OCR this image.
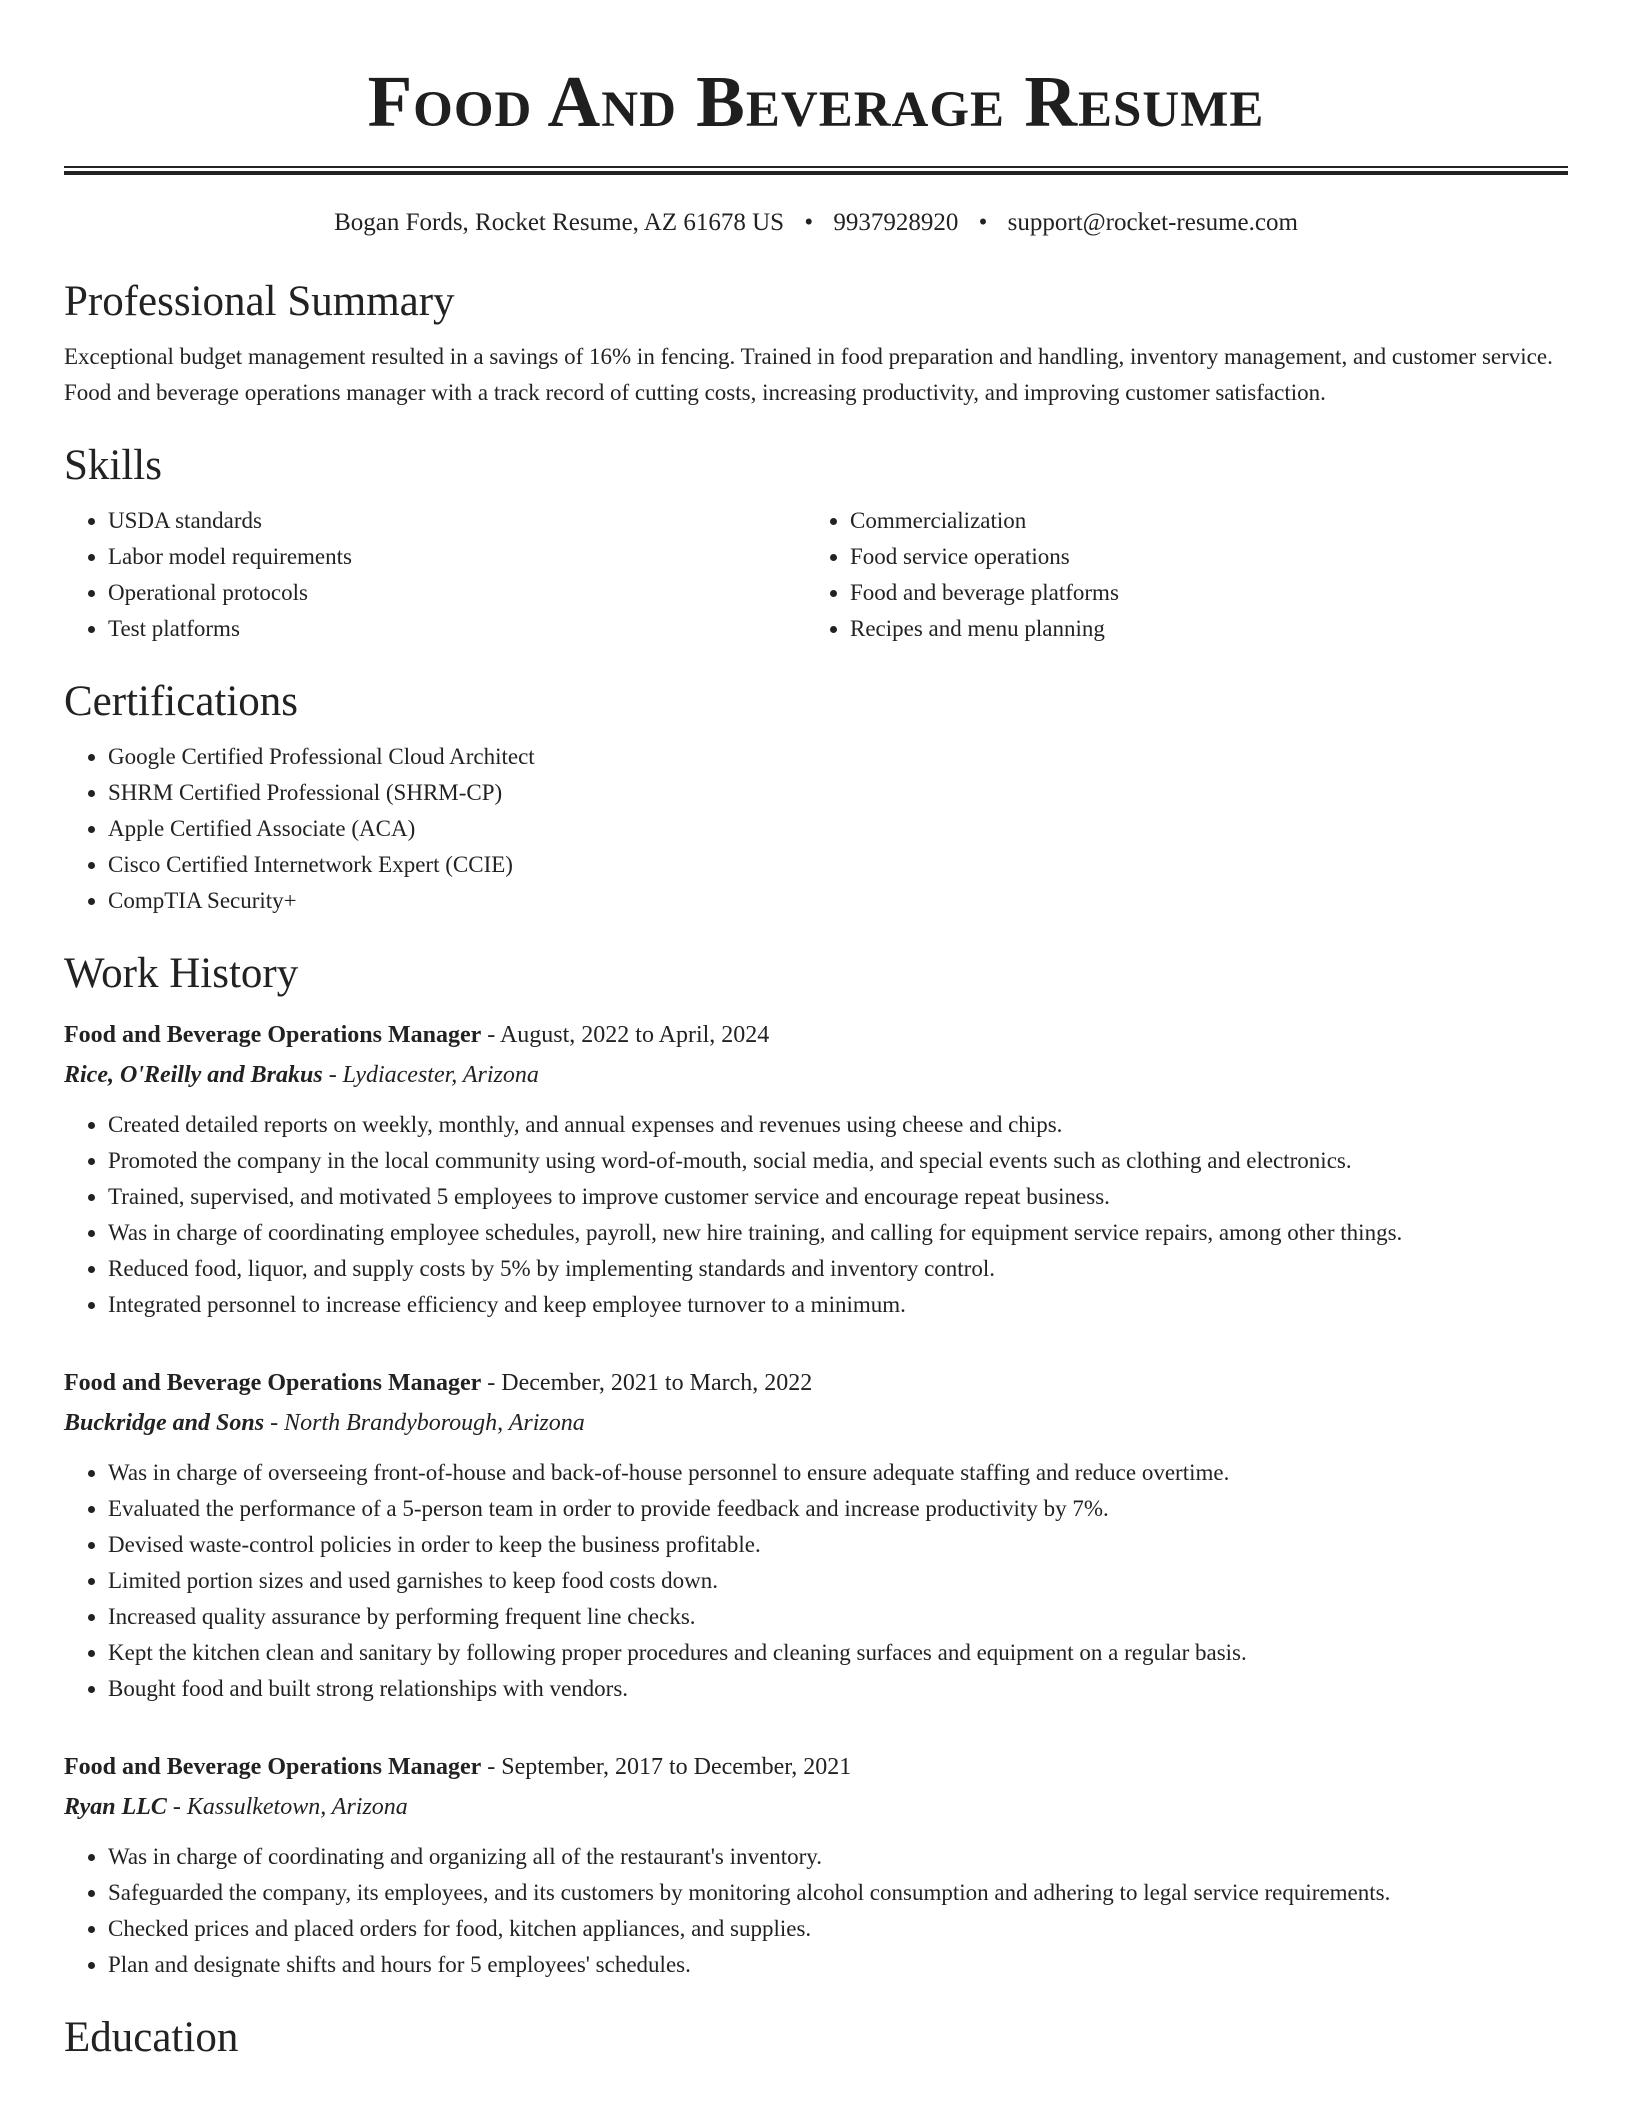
Food And Beverage Resume
Bogan Fords, Rocket Resume, AZ 61678 US • 9937928920 • support@rocket-resume.com
Professional Summary

Exceptional budget management resulted in a savings of 16% in fencing. Trained in food preparation and handling, inventory management, and customer service. Food and beverage operations manager with a track record of cutting costs, increasing productivity, and improving customer satisfaction.

Skills
• USDA standards
• Labor model requirements
• Operational protocols
• Test platforms
• Commercialization
• Food service operations
• Food and beverage platforms
• Recipes and menu planning
Certifications
• Google Certified Professional Cloud Architect
• SHRM Certified Professional (SHRM-CP)
• Apple Certified Associate (ACA)
• Cisco Certified Internetwork Expert (CCIE)
• CompTIA Security+
Work History
Food and Beverage Operations Manager - August, 2022 to April, 2024
Rice, O'Reilly and Brakus - Lydiacester, Arizona
• Created detailed reports on weekly, monthly, and annual expenses and revenues using cheese and chips.
• Promoted the company in the local community using word-of-mouth, social media, and special events such as clothing and electronics.
• Trained, supervised, and motivated 5 employees to improve customer service and encourage repeat business.
• Was in charge of coordinating employee schedules, payroll, new hire training, and calling for equipment service repairs, among other things.
• Reduced food, liquor, and supply costs by 5% by implementing standards and inventory control.
• Integrated personnel to increase efficiency and keep employee turnover to a minimum.
Food and Beverage Operations Manager - December, 2021 to March, 2022
Buckridge and Sons - North Brandyborough, Arizona
• Was in charge of overseeing front-of-house and back-of-house personnel to ensure adequate staffing and reduce overtime.
• Evaluated the performance of a 5-person team in order to provide feedback and increase productivity by 7%.
• Devised waste-control policies in order to keep the business profitable.
• Limited portion sizes and used garnishes to keep food costs down.
• Increased quality assurance by performing frequent line checks.
• Kept the kitchen clean and sanitary by following proper procedures and cleaning surfaces and equipment on a regular basis.
• Bought food and built strong relationships with vendors.
Food and Beverage Operations Manager - September, 2017 to December, 2021
Ryan LLC - Kassulketown, Arizona
• Was in charge of coordinating and organizing all of the restaurant's inventory.
• Safeguarded the company, its employees, and its customers by monitoring alcohol consumption and adhering to legal service requirements.
• Checked prices and placed orders for food, kitchen appliances, and supplies.
• Plan and designate shifts and hours for 5 employees' schedules.
Education
